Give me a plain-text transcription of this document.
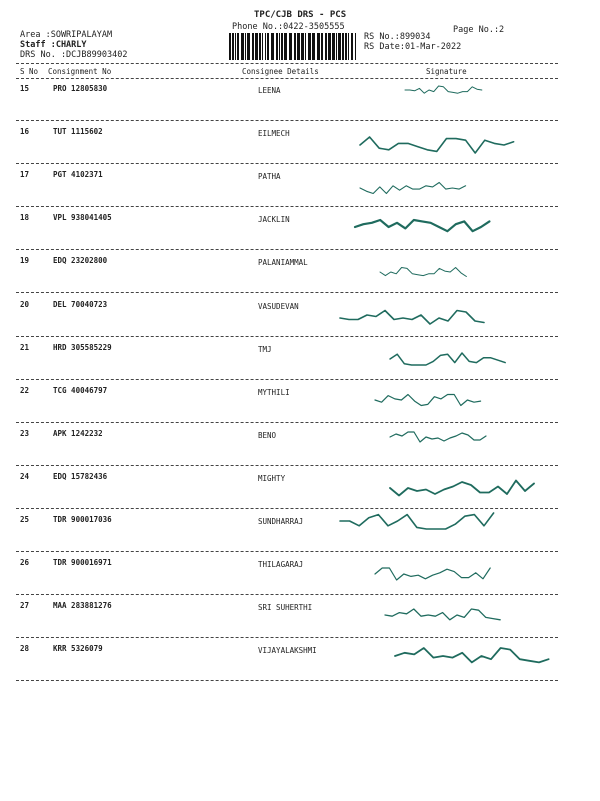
TPC/CJB DRS - PCS
Phone No.:0422-3505555	Page No.:2
Area :SOWRIPALAYAM
Staff :CHARLY
DRS No. :DCJB89903402
RS No.:899034
RS Date:01-Mar-2022
S No Consignment No	Consignee Details	Signature
15	PRO 12805830	LEENA
16	TUT 1115602	EILMECH
17	PGT 4102371	PATHA
18	VPL 938041405	JACKLIN
19	EDQ 23202800	PALANIAMMAL
20	DEL 70040723	VASUDEVAN
21	HRD 305585229	TMJ
22	TCG 40046797	MYTHILI
23	APK 1242232	BENO
24	EDQ 15782436	MIGHTY
25	TDR 900017036	SUNDHARRAJ
26	TDR 900016971	THILAGARAJ
27	MAA 283881276	SRI SUHERTHI
28	KRR 5326079	VIJAYALAKSHMI
